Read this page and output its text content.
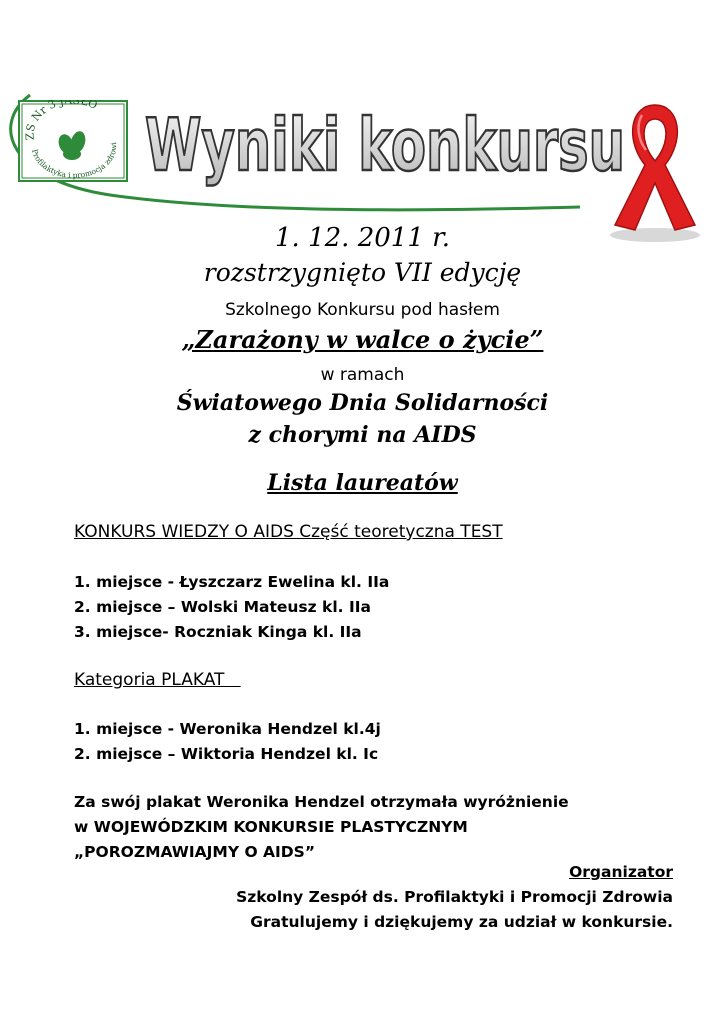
ZS Nr 3 JASŁO
Profilaktyka i promocja zdrowi Wyniki konkursu
1. 12. 2011 r.
rozstrzygnięto VII edycję
Szkolnego Konkursu pod hasłem
„Zarażony w walce o życie”
w ramach
Światowego Dnia Solidarności
z chorymi na AIDS
Lista laureatów
KONKURS WIEDZY O AIDS Część teoretyczna TEST
1. miejsce - Łyszczarz Ewelina kl. IIa
2. miejsce – Wolski Mateusz kl. IIa
3. miejsce- Roczniak Kinga kl. IIa
Kategoria PLAKAT
1. miejsce - Weronika Hendzel kl.4j
2. miejsce – Wiktoria Hendzel kl. Ic
Za swój plakat Weronika Hendzel otrzymała wyróżnienie
w WOJEWÓDZKIM KONKURSIE PLASTYCZNYM
„POROZMAWIAJMY O AIDS”
Organizator
Szkolny Zespół ds. Profilaktyki i Promocji Zdrowia
Gratulujemy i dziękujemy za udział w konkursie.
